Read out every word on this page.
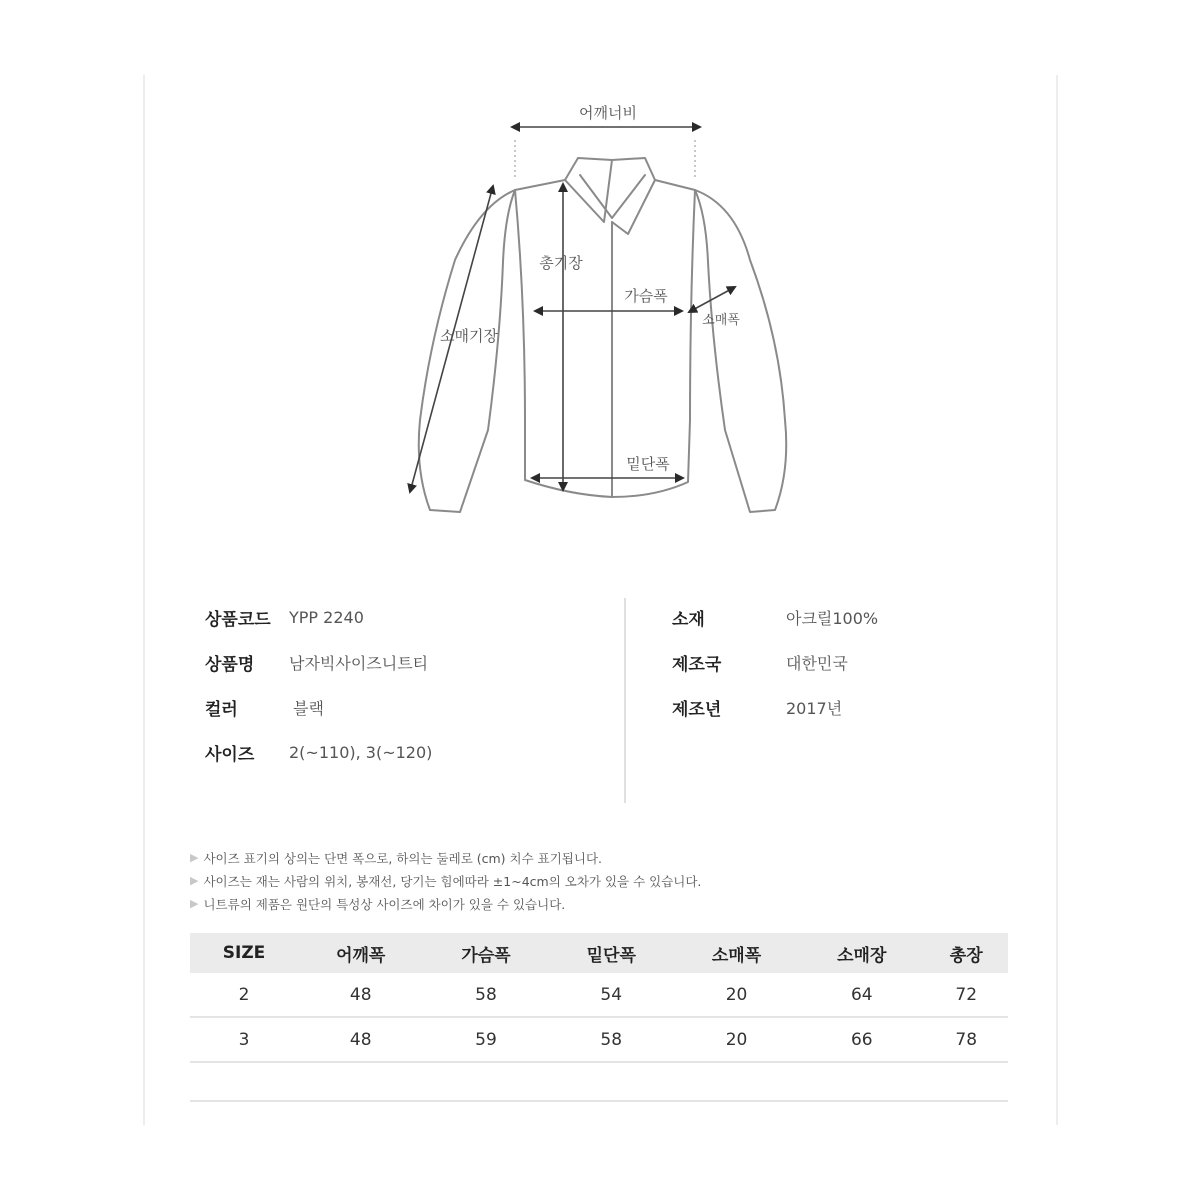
어깨너비
총기장
가슴폭
소매폭
소매기장
밑단폭
상품코드	YPP 2240
상품명	남자빅사이즈니트티
컬러	블랙
사이즈	2(~110), 3(~120)
소재	아크릴100%
제조국	대한민국
제조년	2017년
▶ 사이즈 표기의 상의는 단면 폭으로, 하의는 둘레로 (cm) 치수 표기됩니다.
▶ 사이즈는 재는 사람의 위치, 봉재선, 당기는 힘에따라 ±1~4cm의 오차가 있을 수 있습니다.
▶ 니트류의 제품은 원단의 특성상 사이즈에 차이가 있을 수 있습니다.
SIZE	어깨폭	가슴폭	밑단폭	소매폭	소매장	총장
2	48	58	54	20	64	72
3	48	59	58	20	66	78
